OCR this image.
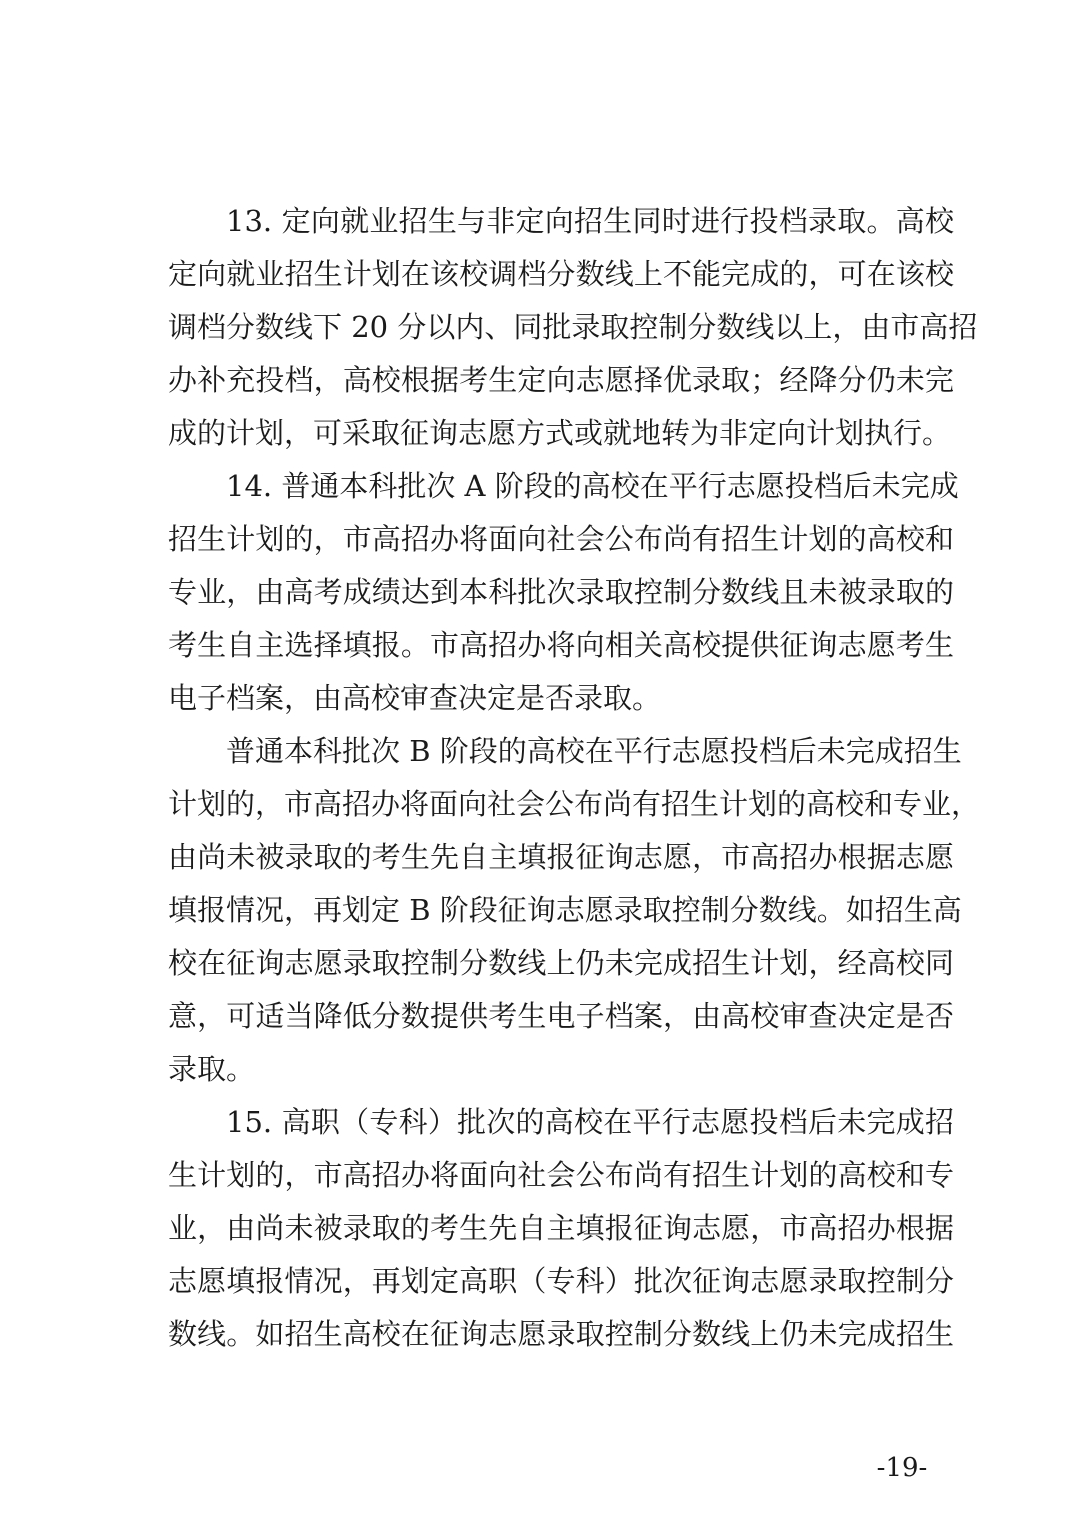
13. 定向就业招生与非定向招生同时进行投档录取。高校
定向就业招生计划在该校调档分数线上不能完成的，可在该校
调档分数线下 20 分以内、同批录取控制分数线以上，由市高招
办补充投档，高校根据考生定向志愿择优录取；经降分仍未完
成的计划，可采取征询志愿方式或就地转为非定向计划执行。
14. 普通本科批次 A 阶段的高校在平行志愿投档后未完成
招生计划的，市高招办将面向社会公布尚有招生计划的高校和
专业，由高考成绩达到本科批次录取控制分数线且未被录取的
考生自主选择填报。市高招办将向相关高校提供征询志愿考生
电子档案，由高校审查决定是否录取。
普通本科批次 B 阶段的高校在平行志愿投档后未完成招生
计划的，市高招办将面向社会公布尚有招生计划的高校和专业，
由尚未被录取的考生先自主填报征询志愿，市高招办根据志愿
填报情况，再划定 B 阶段征询志愿录取控制分数线。如招生高
校在征询志愿录取控制分数线上仍未完成招生计划，经高校同
意，可适当降低分数提供考生电子档案，由高校审查决定是否
录取。
15. 高职（专科）批次的高校在平行志愿投档后未完成招
生计划的，市高招办将面向社会公布尚有招生计划的高校和专
业，由尚未被录取的考生先自主填报征询志愿，市高招办根据
志愿填报情况，再划定高职（专科）批次征询志愿录取控制分
数线。如招生高校在征询志愿录取控制分数线上仍未完成招生
-19-
